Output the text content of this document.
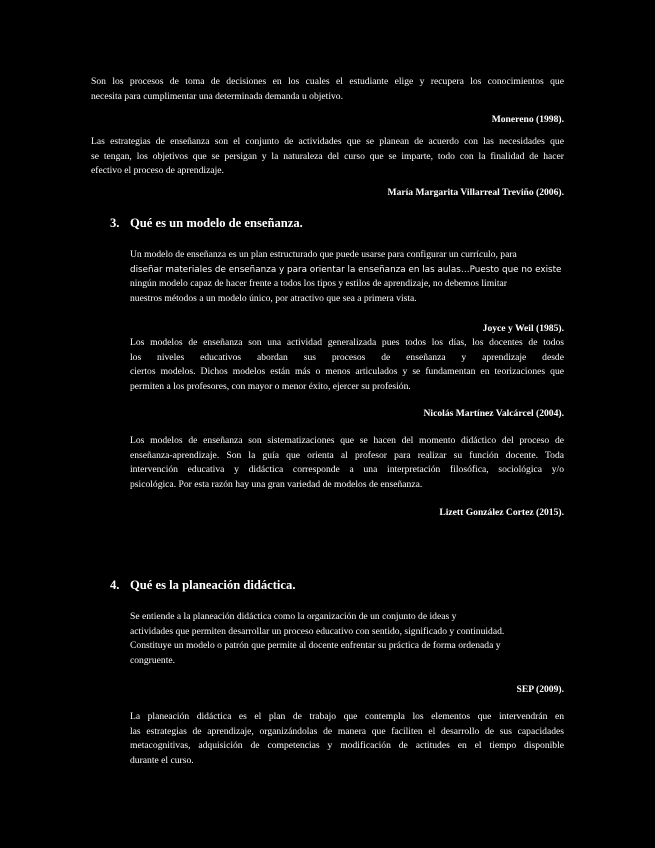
Son los procesos de toma de decisiones en los cuales el estudiante elige y recupera los conocimientos que
necesita para cumplimentar una determinada demanda u objetivo.
Monereno (1998).
Las estrategias de enseñanza son el conjunto de actividades que se planean de acuerdo con las necesidades que
se tengan, los objetivos que se persigan y la naturaleza del curso que se imparte, todo con la finalidad de hacer
efectivo el proceso de aprendizaje.
María Margarita Villarreal Treviño (2006).
3. Qué es un modelo de enseñanza.
Un modelo de enseñanza es un plan estructurado que puede usarse para configurar un currículo, para
diseñar materiales de enseñanza y para orientar la enseñanza en las aulas…Puesto que no existe
ningún modelo capaz de hacer frente a todos los tipos y estilos de aprendizaje, no debemos limitar
nuestros métodos a un modelo único, por atractivo que sea a primera vista.
Joyce y Weil (1985).
Los modelos de enseñanza son una actividad generalizada pues todos los días, los docentes de todos
los niveles educativos abordan sus procesos de enseñanza y aprendizaje desde
ciertos modelos. Dichos modelos están más o menos articulados y se fundamentan en teorizaciones que
permiten a los profesores, con mayor o menor éxito, ejercer su profesión.
Nicolás Martínez Valcárcel (2004).
Los modelos de enseñanza son sistematizaciones que se hacen del momento didáctico del proceso de
enseñanza-aprendizaje. Son la guía que orienta al profesor para realizar su función docente. Toda
intervención educativa y didáctica corresponde a una interpretación filosófica, sociológica y/o
psicológica. Por esta razón hay una gran variedad de modelos de enseñanza.
Lizett González Cortez (2015).
4. Qué es la planeación didáctica.
Se entiende a la planeación didáctica como la organización de un conjunto de ideas y
actividades que permiten desarrollar un proceso educativo con sentido, significado y continuidad.
Constituye un modelo o patrón que permite al docente enfrentar su práctica de forma ordenada y
congruente.
SEP (2009).
La planeación didáctica es el plan de trabajo que contempla los elementos que intervendrán en
las estrategias de aprendizaje, organizándolas de manera que faciliten el desarrollo de sus capacidades
metacognitivas, adquisición de competencias y modificación de actitudes en el tiempo disponible
durante el curso.
